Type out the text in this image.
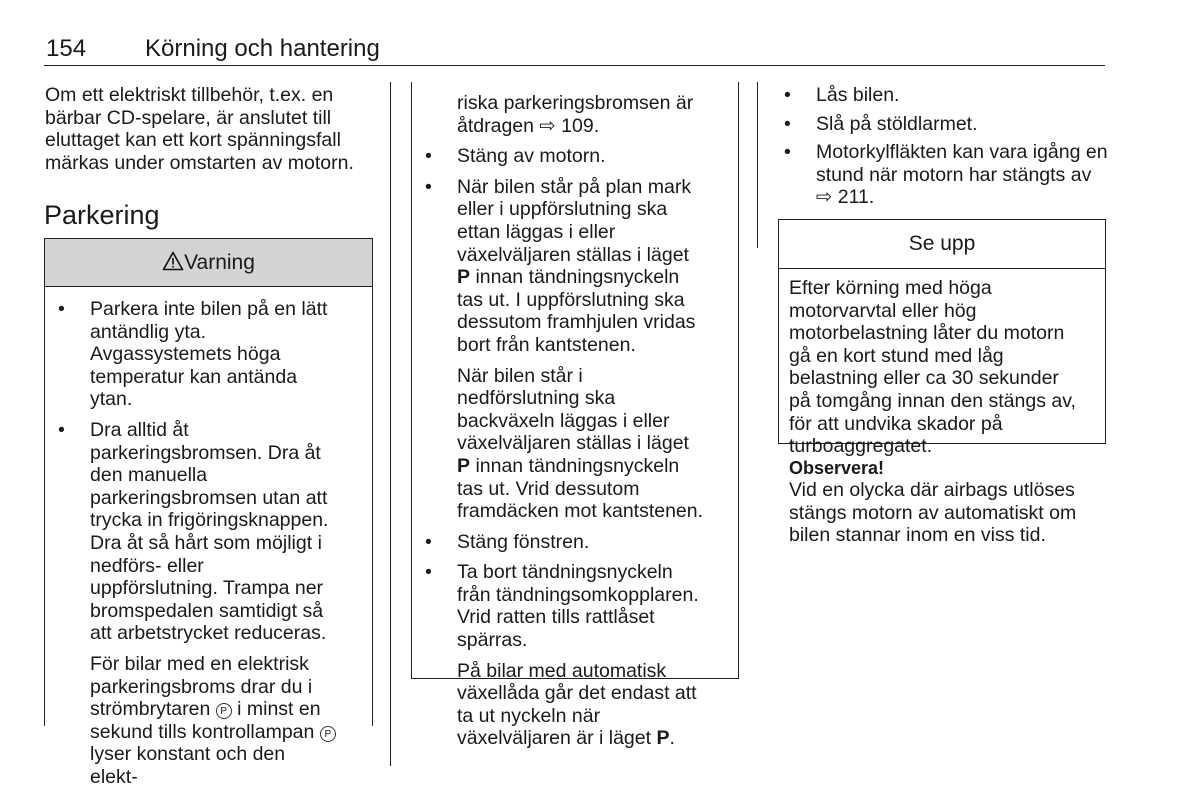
154 Körning och hantering
Om ett elektriskt tillbehör, t.ex. en bärbar CD-spelare, är anslutet till eluttaget kan ett kort spänningsfall märkas under omstarten av motorn.
Parkering
Varning

• Parkera inte bilen på en lätt antändlig yta. Avgassystemets höga temperatur kan antända ytan.

• Dra alltid åt parkeringsbromsen. Dra åt den manuella parkeringsbromsen utan att trycka in frigöringsknappen. Dra åt så hårt som möjligt i nedförs- eller uppförslutning. Trampa ner bromspedalen samtidigt så att arbetstrycket reduceras.

För bilar med en elektrisk parkeringsbroms drar du i strömbrytaren P i minst en sekund tills kontrollampan P lyser konstant och den elekt-

riska parkeringsbromsen är åtdragen ⇨ 109.

• Stäng av motorn.

• När bilen står på plan mark eller i uppförslutning ska ettan läggas i eller växelväljaren ställas i läget P innan tändningsnyckeln tas ut. I uppförslutning ska dessutom framhjulen vridas bort från kantstenen.

När bilen står i nedförslutning ska backväxeln läggas i eller växelväljaren ställas i läget P innan tändningsnyckeln tas ut. Vrid dessutom framdäcken mot kantstenen.

• Stäng fönstren.

• Ta bort tändningsnyckeln från tändningsomkopplaren. Vrid ratten tills rattlåset spärras.

På bilar med automatisk växellåda går det endast att ta ut nyckeln när växelväljaren är i läget P.

• Lås bilen.

• Slå på stöldlarmet.

• Motorkylfläkten kan vara igång en stund när motorn har stängts av ⇨ 211.

Se upp
Efter körning med höga motorvarvtal eller hög motorbelastning låter du motorn gå en kort stund med låg belastning eller ca 30 sekunder på tomgång innan den stängs av, för att undvika skador på turboaggregatet.
Observera!
Vid en olycka där airbags utlöses stängs motorn av automatiskt om bilen stannar inom en viss tid.
